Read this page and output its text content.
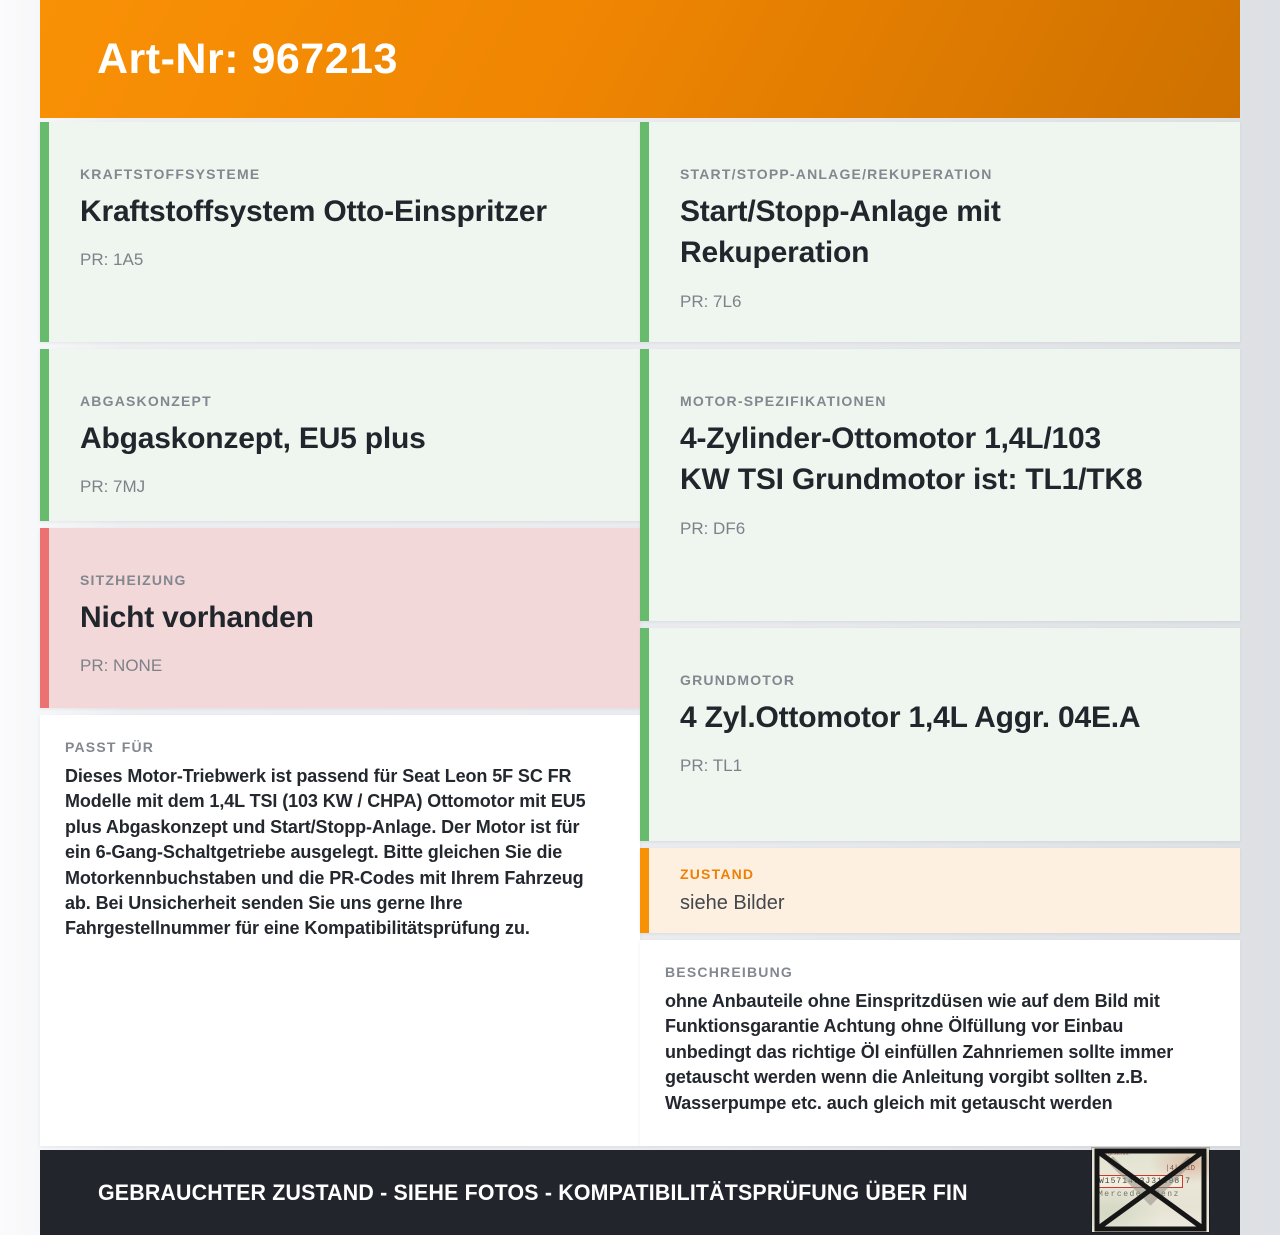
Art-Nr: 967213
KRAFTSTOFFSYSTEME
Kraftstoffsystem Otto-Einspritzer
PR: 1A5
ABGASKONZEPT
Abgaskonzept, EU5 plus
PR: 7MJ
SITZHEIZUNG
Nicht vorhanden
PR: NONE
PASST FÜR
Dieses Motor-Triebwerk ist passend für Seat Leon 5F SC FR Modelle mit dem 1,4L TSI (103 KW / CHPA) Ottomotor mit EU5 plus Abgaskonzept und Start/Stopp-Anlage. Der Motor ist für ein 6-Gang-Schaltgetriebe ausgelegt. Bitte gleichen Sie die Motorkennbuchstaben und die PR-Codes mit Ihrem Fahrzeug ab. Bei Unsicherheit senden Sie uns gerne Ihre Fahrgestellnummer für eine Kompatibilitätsprüfung zu.
START/STOPP-ANLAGE/REKUPERATION
Start/Stopp-Anlage mit Rekuperation
PR: 7L6
MOTOR-SPEZIFIKATIONEN
4-Zylinder-Ottomotor 1,4L/103 KW TSI Grundmotor ist: TL1/TK8
PR: DF6
GRUNDMOTOR
4 Zyl.Ottomotor 1,4L Aggr. 04E.A
PR: TL1
ZUSTAND
siehe Bilder
BESCHREIBUNG
ohne Anbauteile ohne Einspritzdüsen wie auf dem Bild mit Funktionsgarantie Achtung ohne Ölfüllung vor Einbau unbedingt das richtige Öl einfüllen Zahnriemen sollte immer getauscht werden wenn die Anleitung vorgibt sollten z.B. Wasserpumpe etc. auch gleich mit getauscht werden
GEBRAUCHTER ZUSTAND - SIEHE FOTOS - KOMPATIBILITÄTSPRÜFUNG ÜBER FIN
Fahrgestellnr.
|4| AiD
W1571463J31298 7
Mercedes-Benz
